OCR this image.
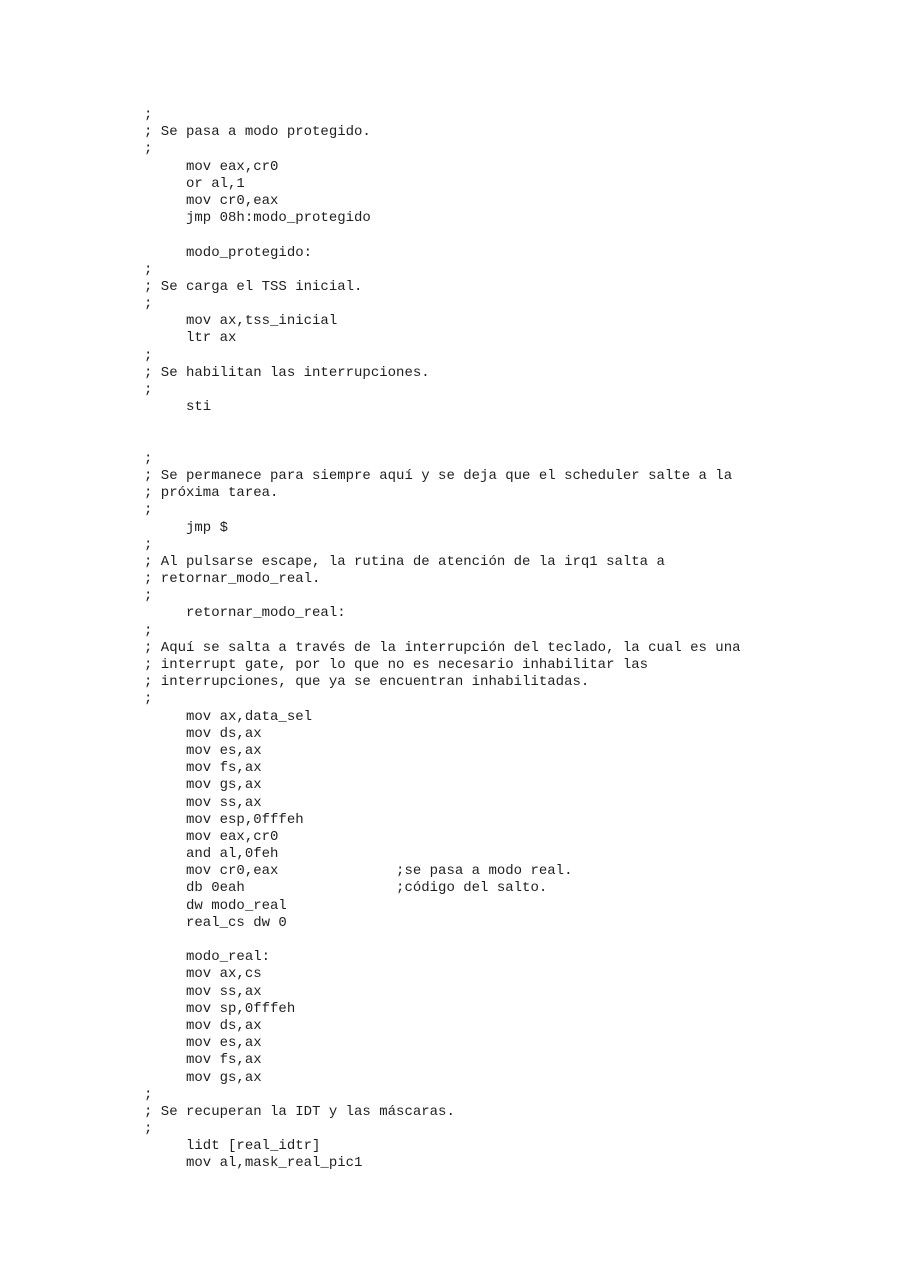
;
; Se pasa a modo protegido.
;
mov eax,cr0
or al,1
mov cr0,eax
jmp 08h:modo_protegido
modo_protegido:
;
; Se carga el TSS inicial.
;
mov ax,tss_inicial
ltr ax
;
; Se habilitan las interrupciones.
;
sti
;
; Se permanece para siempre aquí y se deja que el scheduler salte a la
; próxima tarea.
;
jmp $
;
; Al pulsarse escape, la rutina de atención de la irq1 salta a
; retornar_modo_real.
;
retornar_modo_real:
;
; Aquí se salta a través de la interrupción del teclado, la cual es una
; interrupt gate, por lo que no es necesario inhabilitar las
; interrupciones, que ya se encuentran inhabilitadas.
;
mov ax,data_sel
mov ds,ax
mov es,ax
mov fs,ax
mov gs,ax
mov ss,ax
mov esp,0fffeh
mov eax,cr0
and al,0feh
mov cr0,eax              ;se pasa a modo real.
db 0eah                  ;código del salto.
dw modo_real
real_cs dw 0
modo_real:
mov ax,cs
mov ss,ax
mov sp,0fffeh
mov ds,ax
mov es,ax
mov fs,ax
mov gs,ax
;
; Se recuperan la IDT y las máscaras.
;
lidt [real_idtr]
mov al,mask_real_pic1
